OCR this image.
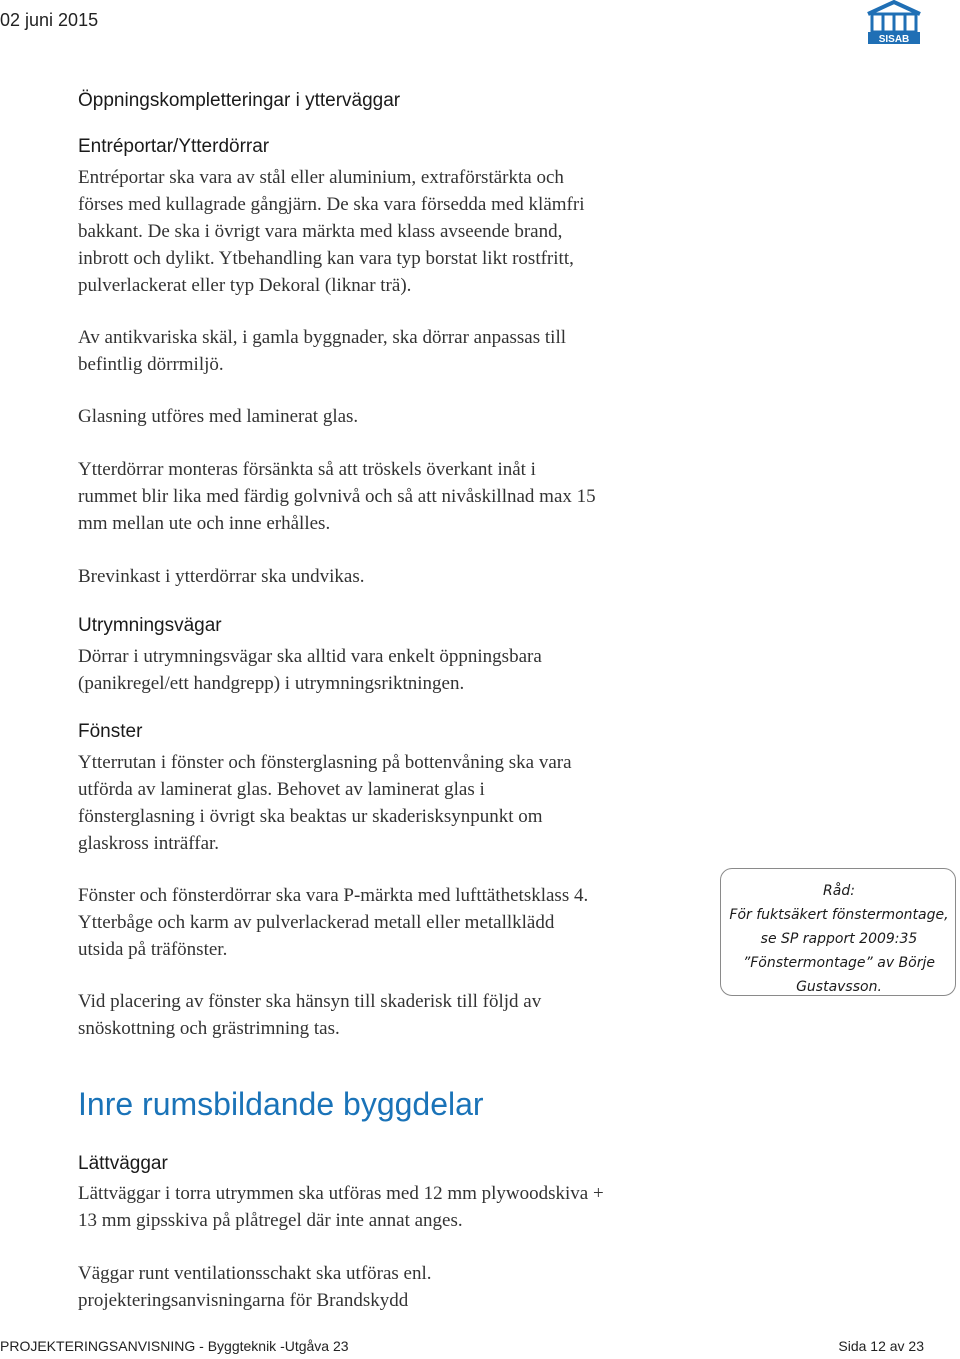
02 juni 2015
SISAB
Öppningskompletteringar i ytterväggar
Entréportar/Ytterdörrar
Entréportar ska vara av stål eller aluminium, extraförstärkta och
förses med kullagrade gångjärn. De ska vara försedda med klämfri
bakkant. De ska i övrigt vara märkta med klass avseende brand,
inbrott och dylikt. Ytbehandling kan vara typ borstat likt rostfritt,
pulverlackerat eller typ Dekoral (liknar trä).
Av antikvariska skäl, i gamla byggnader, ska dörrar anpassas till
befintlig dörrmiljö.
Glasning utföres med laminerat glas.
Ytterdörrar monteras försänkta så att tröskels överkant inåt i
rummet blir lika med färdig golvnivå och så att nivåskillnad max 15
mm mellan ute och inne erhålles.
Brevinkast i ytterdörrar ska undvikas.
Utrymningsvägar
Dörrar i utrymningsvägar ska alltid vara enkelt öppningsbara
(panikregel/ett handgrepp) i utrymningsriktningen.
Fönster
Ytterrutan i fönster och fönsterglasning på bottenvåning ska vara
utförda av laminerat glas. Behovet av laminerat glas i
fönsterglasning i övrigt ska beaktas ur skaderisksynpunkt om
glaskross inträffar.
Fönster och fönsterdörrar ska vara P-märkta med lufttäthetsklass 4.
Ytterbåge och karm av pulverlackerad metall eller metallklädd
utsida på träfönster.
Vid placering av fönster ska hänsyn till skaderisk till följd av
snöskottning och grästrimning tas.
Råd:
För fuktsäkert fönstermontage,
se SP rapport 2009:35
”Fönstermontage” av Börje
Gustavsson.
Inre rumsbildande byggdelar
Lättväggar
Lättväggar i torra utrymmen ska utföras med 12 mm plywoodskiva +
13 mm gipsskiva på plåtregel där inte annat anges.
Väggar runt ventilationsschakt ska utföras enl.
projekteringsanvisningarna för Brandskydd
PROJEKTERINGSANVISNING - Byggteknik -Utgåva 23	Sida 12 av 23
